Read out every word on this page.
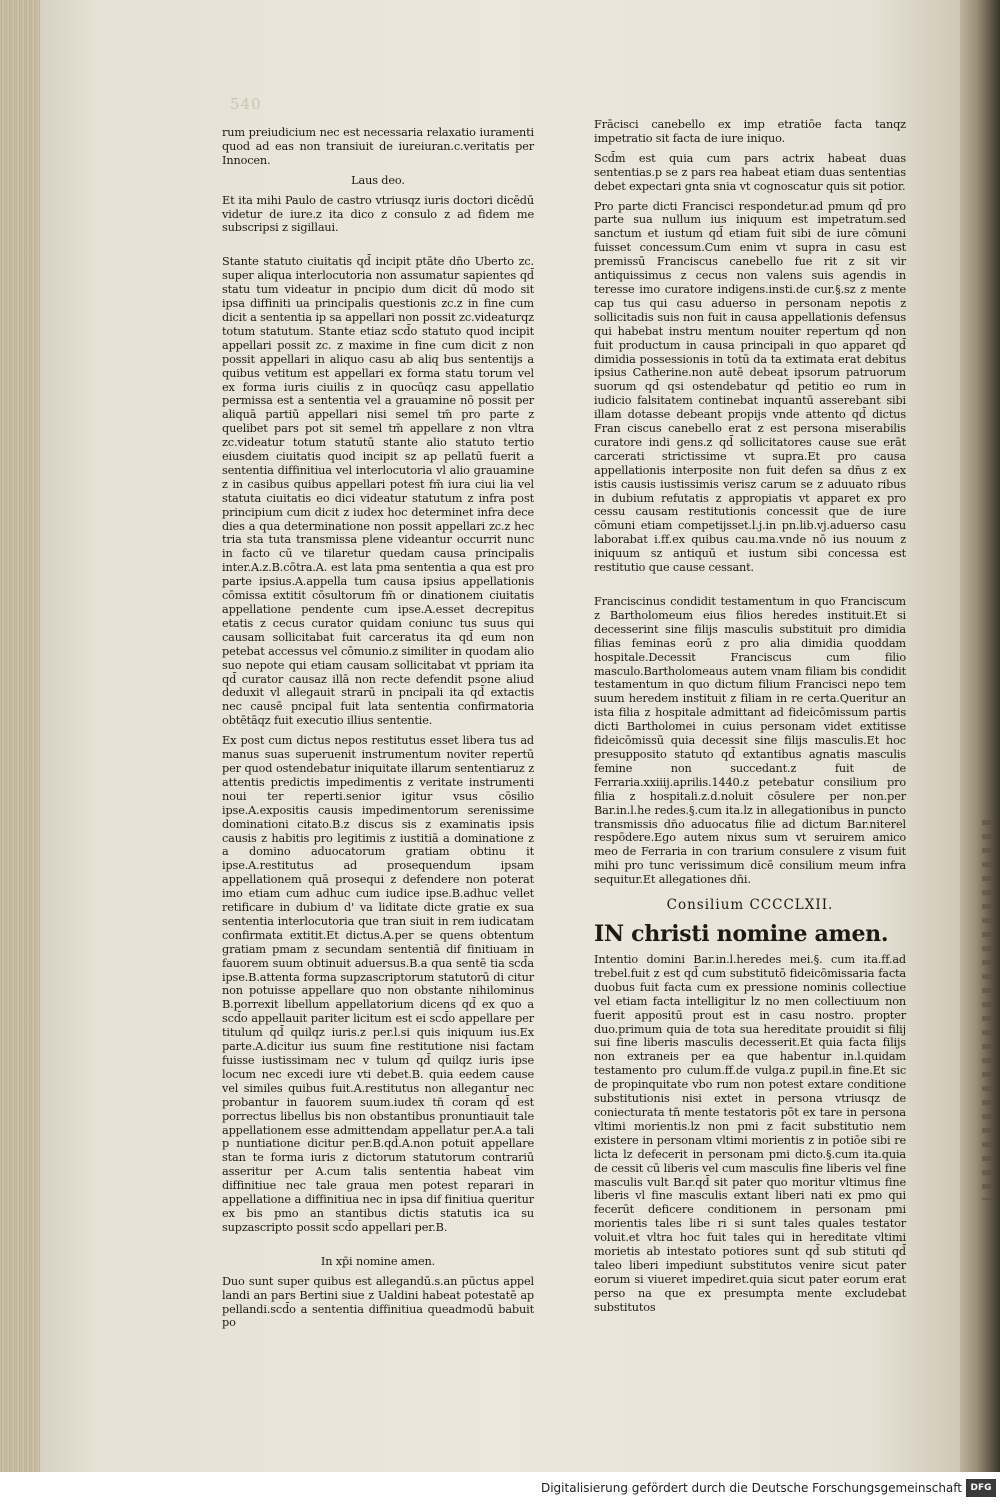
540

rum preiudicium nec est necessaria relaxatio iuramenti quod ad eas non transiuit de iureiuran.c.veritatis per Innocen.

Laus deo.

Et ita mihi Paulo de castro vtriusqz iuris doctori dicēdū videtur de iure.z ita dico z consulo z ad fidem me subscripsi z sigillaui.

Stante statuto ciuitatis qd̄ incipit ptāte dn̄o Uberto zc. super aliqua interlocutoria non assumatur sapientes qd̄ statu tum videatur in pncipio dum dicit dū modo sit ipsa diffiniti ua principalis questionis zc.z in fine cum dicit a sententia ip sa appellari non possit zc.videaturqz totum statutum. Stante etiaz scd̄o statuto quod incipit appellari possit zc. z maxime in fine cum dicit z non possit appellari in aliquo casu ab aliq bus sententijs a quibus vetitum est appellari ex forma statu torum vel ex forma iuris ciuilis z in quocūqz casu appellatio permissa est a sententia vel a grauamine nō possit per aliquā partiū appellari nisi semel tm̄ pro parte z quelibet pars pot sit semel tm̄ appellare z non vltra zc.videatur totum statutū stante alio statuto tertio eiusdem ciuitatis quod incipit sz ap pellatū fuerit a sententia diffinitiua vel interlocutoria vl alio grauamine z in casibus quibus appellari potest fm̄ iura ciui lia vel statuta ciuitatis eo dici videatur statutum z infra post principium cum dicit z iudex hoc determinet infra dece dies a qua determinatione non possit appellari zc.z hec tria sta tuta transmissa plene videantur occurrit nunc in facto cū ve tilaretur quedam causa principalis inter.A.z.B.cōtra.A. est lata pma sententia a qua est pro parte ipsius.A.appella tum causa ipsius appellationis cōmissa extitit cōsultorum fm̄ or dinationem ciuitatis appellatione pendente cum ipse.A.esset decrepitus etatis z cecus curator quidam coniunc tus suus qui causam sollicitabat fuit carceratus ita qd̄ eum non petebat accessus vel cōmunio.z similiter in quodam alio suo nepote qui etiam causam sollicitabat vt ppriam ita qd̄ curator causaz illā non recte defendit psone aliud deduxit vl allegauit strarū in pncipali ita qd̄ extactis nec causē pncipal fuit lata sententia confirmatoria obtētāqz fuit executio illius sententie.

Ex post cum dictus nepos restitutus esset libera tus ad manus suas superuenit instrumentum noviter repertū per quod ostendebatur iniquitate illarum sententiaruz z attentis predictis impedimentis z veritate instrumenti noui ter reperti.senior igitur vsus cōsilio ipse.A.expositis causis impedimentorum serenissime dominationi citato.B.z discus sis z examinatis ipsis causis z habitis pro legitimis z iustitiā a dominatione z a domino aduocatorum gratiam obtinu it ipse.A.restitutus ad prosequendum ipsam appellationem quā prosequi z defendere non poterat imo etiam cum adhuc cum iudice ipse.B.adhuc vellet retificare in dubium d' va liditate dicte gratie ex sua sententia interlocutoria que tran siuit in rem iudicatam confirmata extitit.Et dictus.A.per se quens obtentum gratiam pmam z secundam sententiā dif finitiuam in fauorem suum obtinuit aduersus.B.a qua sentē tia scd̄a ipse.B.attenta forma supzascriptorum statutorū di citur non potuisse appellare quo non obstante nihilominus B.porrexit libellum appellatorium dicens qd̄ ex quo a scd̄o appellauit pariter licitum est ei scd̄o appellare per titulum qd̄ quilqz iuris.z per.l.si quis iniquum ius.Ex parte.A.dicitur ius suum fine restitutione nisi factam fuisse iustissimam nec v tulum qd̄ quilqz iuris ipse locum nec excedi iure vti debet.B. quia eedem cause vel similes quibus fuit.A.restitutus non allegantur nec probantur in fauorem suum.iudex tn̄ coram qd̄ est porrectus libellus bis non obstantibus pronuntiauit tale appellationem esse admittendam appellatur per.A.a tali p nuntiatione dicitur per.B.qd̄.A.non potuit appellare stan te forma iuris z dictorum statutorum contrariū asseritur per A.cum talis sententia habeat vim diffinitiue nec tale graua men potest reparari in appellatione a diffinitiua nec in ipsa dif finitiua queritur ex bis pmo an stantibus dictis statutis ica su supzascripto possit scd̄o appellari per.B.

In xp̄i nomine amen.

Duo sunt super quibus est allegandū.s.an pūctus appel landi an pars Bertini siue z Ualdini habeat potestatē ap pellandi.scd̄o a sententia diffinitiua queadmodū babuit po

Frācisci canebello ex imp etratiōe facta tanqz impetratio sit facta de iure iniquo.

Scd̄m est quia cum pars actrix habeat duas sententias.p se z pars rea habeat etiam duas sententias debet expectari gnta snia vt cognoscatur quis sit potior.

Pro parte dicti Francisci respondetur.ad pmum qd̄ pro parte sua nullum ius iniquum est impetratum.sed sanctum et iustum qd̄ etiam fuit sibi de iure cōmuni fuisset concessum.Cum enim vt supra in casu est premissū Franciscus canebello fue rit z sit vir antiquissimus z cecus non valens suis agendis in teresse imo curatore indigens.insti.de cur.§.sz z mente cap tus qui casu aduerso in personam nepotis z sollicitadis suis non fuit in causa appellationis defensus qui habebat instru mentum nouiter repertum qd̄ non fuit productum in causa principali in quo apparet qd̄ dimidia possessionis in totū da ta extimata erat debitus ipsius Catherine.non autē debeat ipsorum patruorum suorum qd̄ qsi ostendebatur qd̄ petitio eo rum in iudicio falsitatem continebat inquantū asserebant sibi illam dotasse debeant propijs vnde attento qd̄ dictus Fran ciscus canebello erat z est persona miserabilis curatore indi gens.z qd̄ sollicitatores cause sue erāt carcerati strictissime vt supra.Et pro causa appellationis interposite non fuit defen sa dn̄us z ex istis causis iustissimis verisz carum se z aduuato ribus in dubium refutatis z appropiatis vt apparet ex pro cessu causam restitutionis concessit que de iure cōmuni etiam competijsset.l.j.in pn.lib.vj.aduerso casu laborabat i.ff.ex quibus cau.ma.vnde nō ius nouum z iniquum sz antiquū et iustum sibi concessa est restitutio que cause cessant.

Franciscinus condidit testamentum in quo Franciscum z Bartholomeum eius filios heredes instituit.Et si decesserint sine filijs masculis substituit pro dimidia filias feminas eorū z pro alia dimidia quoddam hospitale.Decessit Franciscus cum filio masculo.Bartholomeaus autem vnam filiam bis condidit testamentum in quo dictum filium Francisci nepo tem suum heredem instituit z filiam in re certa.Queritur an ista filia z hospitale admittant ad fideicōmissum partis dicti Bartholomei in cuius personam videt extitisse fideicōmissū quia decessit sine filijs masculis.Et hoc presupposito statuto qd̄ extantibus agnatis masculis femine non succedant.z fuit de Ferraria.xxiiij.aprilis.1440.z petebatur consilium pro filia z hospitali.z.d.noluit cōsulere per non.per Bar.in.l.he redes.§.cum ita.lz in allegationibus in puncto transmissis dn̄o aduocatus filie ad dictum Bar.niterel respōdere.Ego autem nixus sum vt seruirem amico meo de Ferraria in con trarium consulere z visum fuit mihi pro tunc verissimum dicē consilium meum infra sequitur.Et allegationes dn̄i.

Consilium CCCCLXII.
IN christi nomine amen.

Intentio domini Bar.in.l.heredes mei.§. cum ita.ff.ad trebel.fuit z est qd̄ cum substitutō fideicōmissaria facta duobus fuit facta cum ex pressione nominis collectiue vel etiam facta intelligitur lz no men collectiuum non fuerit appositū prout est in casu nostro. propter duo.primum quia de tota sua hereditate prouidit si filij sui fine liberis masculis decesserit.Et quia facta filijs non extraneis per ea que habentur in.l.quidam testamento pro culum.ff.de vulga.z pupil.in fine.Et sic de propinquitate vbo rum non potest extare conditione substitutionis nisi extet in persona vtriusqz de coniecturata tn̄ mente testatoris pōt ex tare in persona vltimi morientis.lz non pmi z facit substitutio nem existere in personam vltimi morientis z in potiōe sibi re licta lz defecerit in personam pmi dicto.§.cum ita.quia de cessit cū liberis vel cum masculis fine liberis vel fine masculis vult Bar.qd̄ sit pater quo moritur vltimus fine liberis vl fine masculis extant liberi nati ex pmo qui fecerūt deficere conditionem in personam pmi morientis tales libe ri si sunt tales quales testator voluit.et vltra hoc fuit tales qui in hereditate vltimi morietis ab intestato potiores sunt qd̄ sub stituti qd̄ taleo liberi impediunt substitutos venire sicut pater eorum si viueret impediret.quia sicut pater eorum erat perso na que ex presumpta mente excludebat substitutos

Digitalisierung gefördert durch die Deutsche Forschungsgemeinschaft DFG
